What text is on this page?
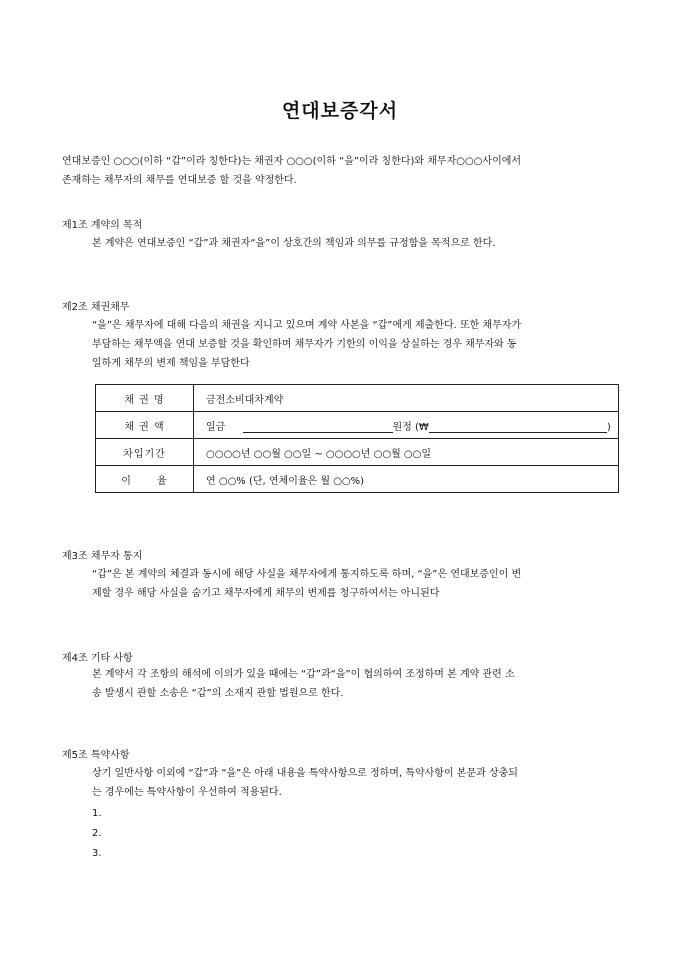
연대보증각서
연대보증인 ○○○(이하 “갑”이라 칭한다)는 채권자 ○○○(이하 “을”이라 칭한다)와 채무자○○○사이에서
존재하는 채무자의 채무를 연대보증 할 것을 약정한다.
제1조 계약의 목적
본 계약은 연대보증인 “갑”과 채권자“을”이 상호간의 책임과 의무를 규정함을 목적으로 한다.
제2조 채권채무
“을”은 채무자에 대해 다음의 채권을 지니고 있으며 계약 사본을 “갑”에게 제출한다. 또한 채무자가
부담하는 채무액을 연대 보증할 것을 확인하며 채무자가 기한의 이익을 상실하는 경우 채무자와 동
일하게 채무의 변제 책임을 부담한다
채 권 명	금전소비대차계약
채 권 액	일금 원정 (₩ )
차입기간	○○○○년 ○○월 ○○일 ~ ○○○○년 ○○월 ○○일
이      율	연 ○○% (단, 연체이율은 월 ○○%)
제3조 채무자 통지
“갑”은 본 계약의 체결과 동시에 해당 사실을 채무자에게 통지하도록 하며, “을”은 연대보증인이 변
제할 경우 해당 사실을 숨기고 채무자에게 채무의 변제를 청구하여서는 아니된다
제4조 기타 사항
본 계약서 각 조항의 해석에 이의가 있을 때에는 “갑”과“을”이 협의하여 조정하며 본 계약 관련 소
송 발생시 관할 소송은 “갑”의 소재지 관할 법원으로 한다.
제5조 특약사항
상기 일반사항 이외에 “갑”과 “을”은 아래 내용을 특약사항으로 정하며, 특약사항이 본문과 상충되
는 경우에는 특약사항이 우선하여 적용된다.
1.
2.
3.
